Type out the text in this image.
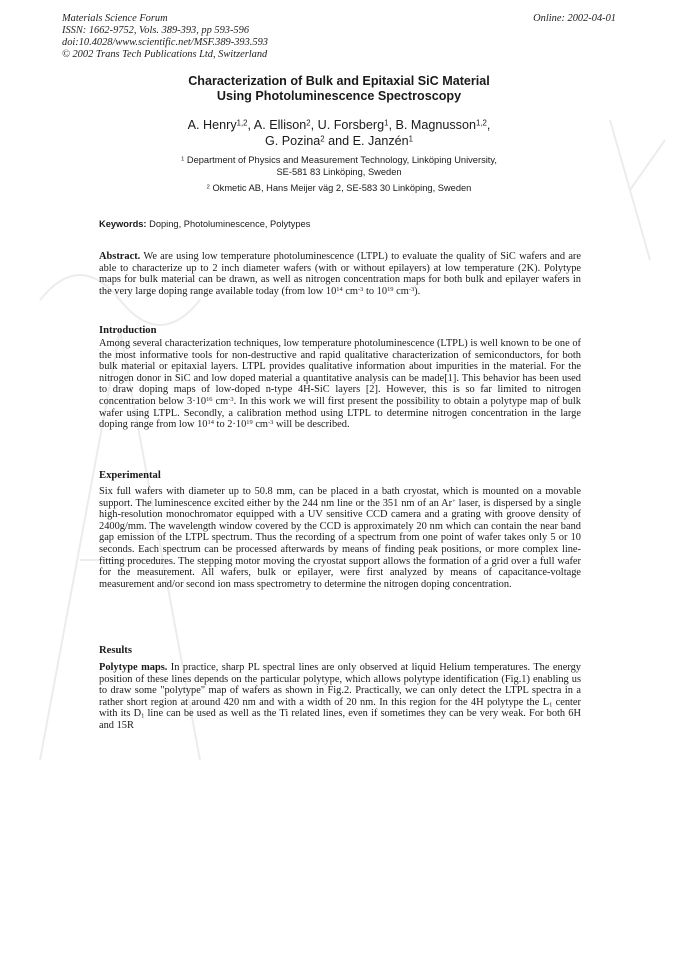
Materials Science Forum
ISSN: 1662-9752, Vols. 389-393, pp 593-596
doi:10.4028/www.scientific.net/MSF.389-393.593
© 2002 Trans Tech Publications Ltd, Switzerland
Online: 2002-04-01
Characterization of Bulk and Epitaxial SiC Material
Using Photoluminescence Spectroscopy
A. Henry$^{1,2}$, A. Ellison$^2$, U. Forsberg$^1$, B. Magnusson$^{1,2}$,
G. Pozina$^2$ and E. Janzén$^1$
$^1$ Department of Physics and Measurement Technology, Linköping University,
SE-581 83 Linköping, Sweden
$^2$ Okmetic AB, Hans Meijer väg 2, SE-583 30 Linköping, Sweden
Keywords: Doping, Photoluminescence, Polytypes

Abstract. We are using low temperature photoluminescence (LTPL) to evaluate the quality of SiC wafers and are able to characterize up to 2 inch diameter wafers (with or without epilayers) at low temperature (2K). Polytype maps for bulk material can be drawn, as well as nitrogen concentration maps for both bulk and epilayer wafers in the very large doping range available today (from low $10^{14}$ $cm^{-3}$ to $10^{19}$ $cm^{-3}$).

Introduction

Among several characterization techniques, low temperature photoluminescence (LTPL) is well known to be one of the most informative tools for non-destructive and rapid qualitative characterization of semiconductors, for both bulk material or epitaxial layers. LTPL provides qualitative information about impurities in the material. For the nitrogen donor in SiC and low doped material a quantitative analysis can be made[1]. This behavior has been used to draw doping maps of low-doped n-type 4H-SiC layers [2]. However, this is so far limited to nitrogen concentration below $3\cdot 10^{16}$ $cm^{-3}$. In this work we will first present the possibility to obtain a polytype map of bulk wafer using LTPL. Secondly, a calibration method using LTPL to determine nitrogen concentration in the large doping range from low $10^{14}$ to $2\cdot 10^{19}$ $cm^{-3}$ will be described.

Experimental

Six full wafers with diameter up to 50.8 mm, can be placed in a bath cryostat, which is mounted on a movable support. The luminescence excited either by the 244 nm line or the 351 nm of an Ar+ laser, is dispersed by a single high-resolution monochromator equipped with a UV sensitive CCD camera and a grating with groove density of 2400g/mm. The wavelength window covered by the CCD is approximately 20 nm which can contain the near band gap emission of the LTPL spectrum. Thus the recording of a spectrum from one point of wafer takes only 5 or 10 seconds. Each spectrum can be processed afterwards by means of finding peak positions, or more complex line-fitting procedures. The stepping motor moving the cryostat support allows the formation of a grid over a full wafer for the measurement. All wafers, bulk or epilayer, were first analyzed by means of capacitance-voltage measurement and/or second ion mass spectrometry to determine the nitrogen doping concentration.

Results

Polytype maps. In practice, sharp PL spectral lines are only observed at liquid Helium temperatures. The energy position of these lines depends on the particular polytype, which allows polytype identification (Fig.1) enabling us to draw some "polytype" map of wafers as shown in Fig.2. Practically, we can only detect the LTPL spectra in a rather short region at around 420 nm and with a width of 20 nm. In this region for the 4H polytype the $L_1$ center with its $D_1$ line can be used as well as the Ti related lines, even if sometimes they can be very weak. For both 6H and 15R
